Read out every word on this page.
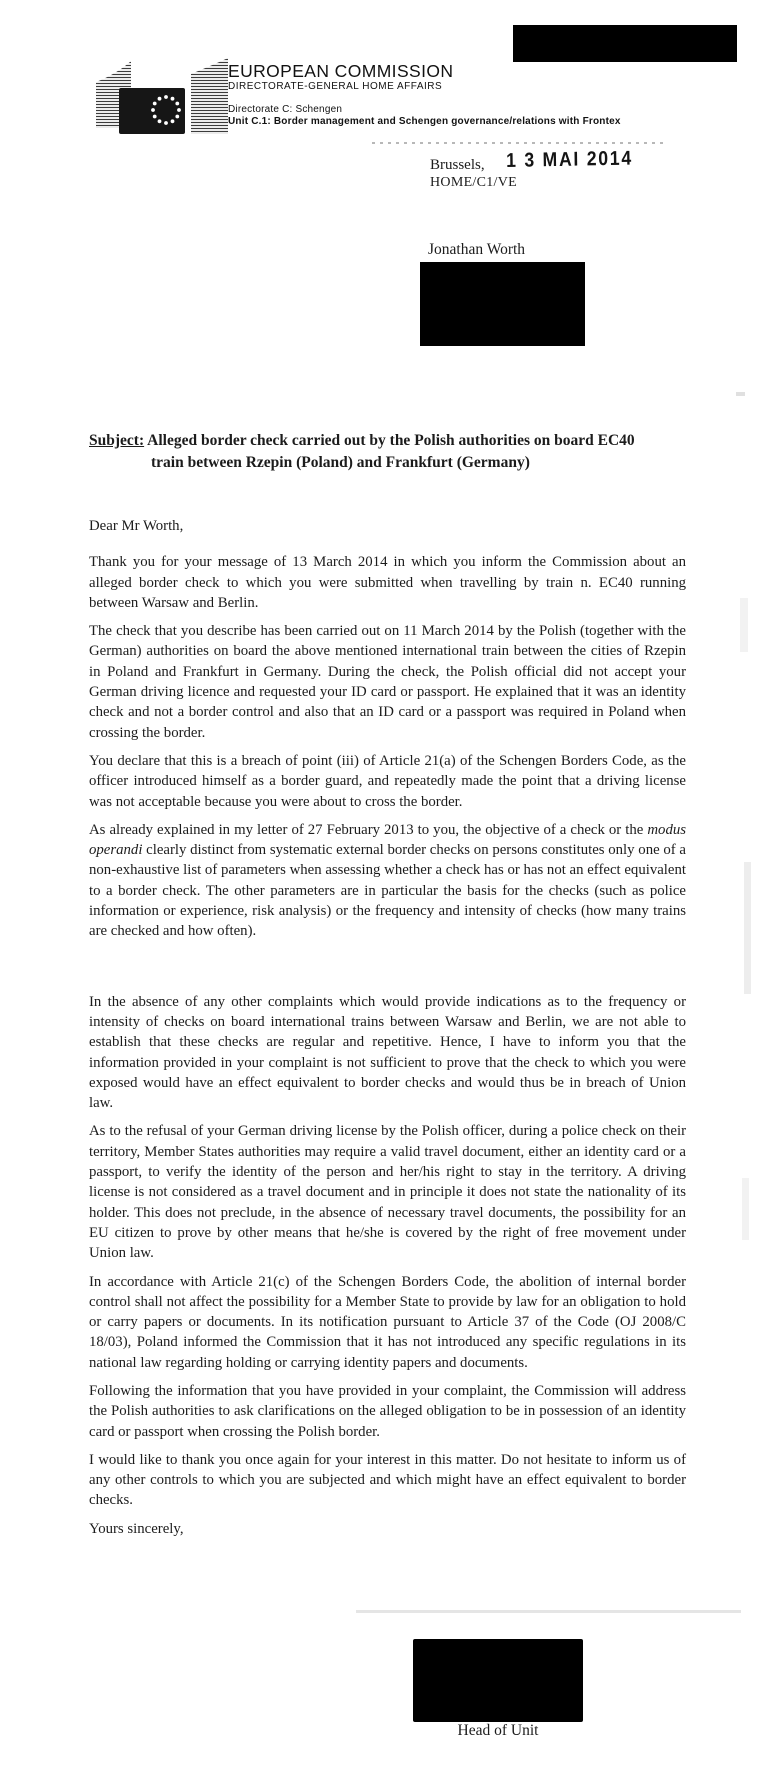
EUROPEAN COMMISSION
DIRECTORATE-GENERAL HOME AFFAIRS
Directorate C: Schengen
Unit C.1: Border management and Schengen governance/relations with Frontex
Brussels,
HOME/C1/VE
1 3 MAI 2014
Jonathan Worth
Subject: Alleged border check carried out by the Polish authorities on board EC40
train between Rzepin (Poland) and Frankfurt (Germany)

Dear Mr Worth,

Thank you for your message of 13 March 2014 in which you inform the Commission about an alleged border check to which you were submitted when travelling by train n. EC40 running between Warsaw and Berlin.

The check that you describe has been carried out on 11 March 2014 by the Polish (together with the German) authorities on board the above mentioned international train between the cities of Rzepin in Poland and Frankfurt in Germany. During the check, the Polish official did not accept your German driving licence and requested your ID card or passport. He explained that it was an identity check and not a border control and also that an ID card or a passport was required in Poland when crossing the border.

You declare that this is a breach of point (iii) of Article 21(a) of the Schengen Borders Code, as the officer introduced himself as a border guard, and repeatedly made the point that a driving license was not acceptable because you were about to cross the border.

As already explained in my letter of 27 February 2013 to you, the objective of a check or the modus operandi clearly distinct from systematic external border checks on persons constitutes only one of a non-exhaustive list of parameters when assessing whether a check has or has not an effect equivalent to a border check. The other parameters are in particular the basis for the checks (such as police information or experience, risk analysis) or the frequency and intensity of checks (how many trains are checked and how often).

In the absence of any other complaints which would provide indications as to the frequency or intensity of checks on board international trains between Warsaw and Berlin, we are not able to establish that these checks are regular and repetitive. Hence, I have to inform you that the information provided in your complaint is not sufficient to prove that the check to which you were exposed would have an effect equivalent to border checks and would thus be in breach of Union law.

As to the refusal of your German driving license by the Polish officer, during a police check on their territory, Member States authorities may require a valid travel document, either an identity card or a passport, to verify the identity of the person and her/his right to stay in the territory. A driving license is not considered as a travel document and in principle it does not state the nationality of its holder. This does not preclude, in the absence of necessary travel documents, the possibility for an EU citizen to prove by other means that he/she is covered by the right of free movement under Union law.

In accordance with Article 21(c) of the Schengen Borders Code, the abolition of internal border control shall not affect the possibility for a Member State to provide by law for an obligation to hold or carry papers or documents. In its notification pursuant to Article 37 of the Code (OJ 2008/C 18/03), Poland informed the Commission that it has not introduced any specific regulations in its national law regarding holding or carrying identity papers and documents.

Following the information that you have provided in your complaint, the Commission will address the Polish authorities to ask clarifications on the alleged obligation to be in possession of an identity card or passport when crossing the Polish border.

I would like to thank you once again for your interest in this matter. Do not hesitate to inform us of any other controls to which you are subjected and which might have an effect equivalent to border checks.

Yours sincerely,

Head of Unit
